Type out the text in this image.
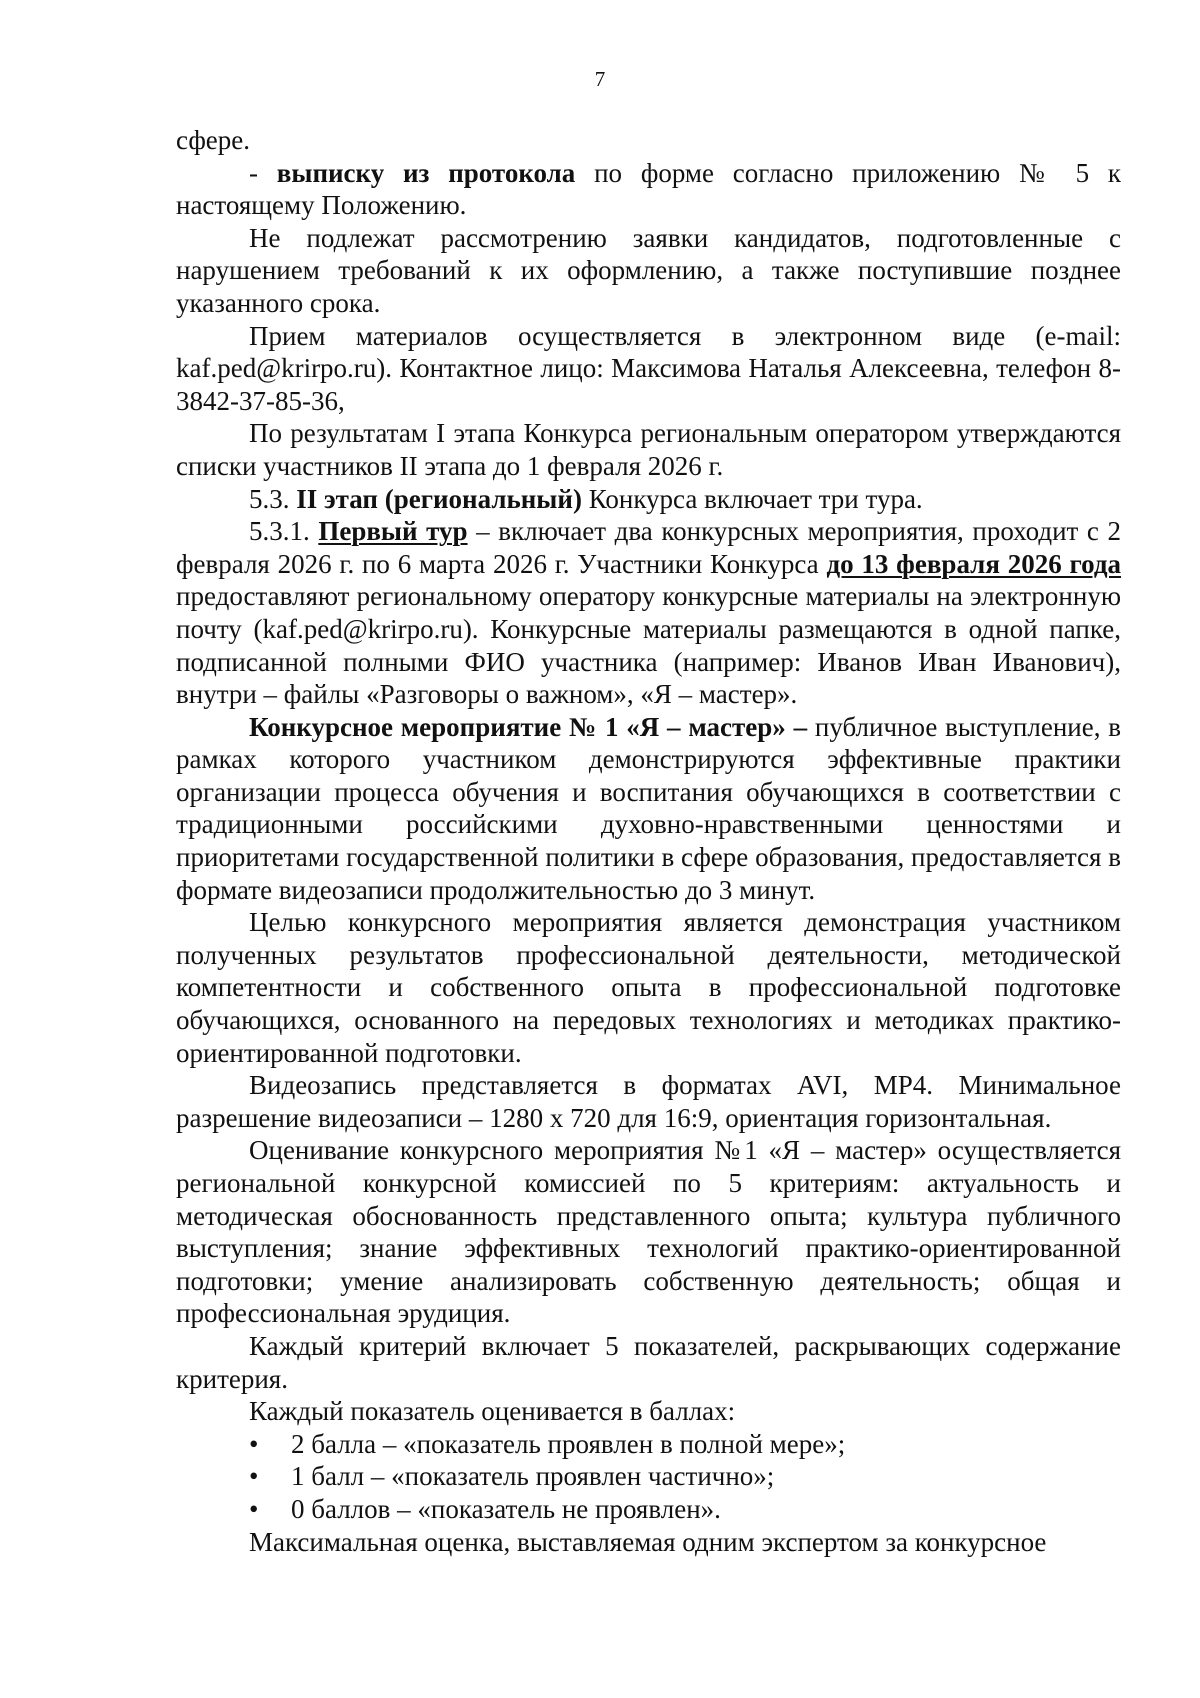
7

сфере.

- выписку из протокола по форме согласно приложению № 5 к настоящему Положению.

Не подлежат рассмотрению заявки кандидатов, подготовленные с нарушением требований к их оформлению, а также поступившие позднее указанного срока.

Прием материалов осуществляется в электронном виде (e-mail: kaf.ped@krirpo.ru). Контактное лицо: Максимова Наталья Алексеевна, телефон 8-3842-37-85-36,

По результатам I этапа Конкурса региональным оператором утверждаются списки участников II этапа до 1 февраля 2026 г.

5.3. II этап (региональный) Конкурса включает три тура.

5.3.1. Первый тур – включает два конкурсных мероприятия, проходит с 2 февраля 2026 г. по 6 марта 2026 г. Участники Конкурса до 13 февраля 2026 года предоставляют региональному оператору конкурсные материалы на электронную почту (kaf.ped@krirpo.ru). Конкурсные материалы размещаются в одной папке, подписанной полными ФИО участника (например: Иванов Иван Иванович), внутри – файлы «Разговоры о важном», «Я – мастер».

Конкурсное мероприятие № 1 «Я – мастер» – публичное выступление, в рамках которого участником демонстрируются эффективные практики организации процесса обучения и воспитания обучающихся в соответствии с традиционными российскими духовно-нравственными ценностями и приоритетами государственной политики в сфере образования, предоставляется в формате видеозаписи продолжительностью до 3 минут.

Целью конкурсного мероприятия является демонстрация участником полученных результатов профессиональной деятельности, методической компетентности и собственного опыта в профессиональной подготовке обучающихся, основанного на передовых технологиях и методиках практико-ориентированной подготовки.

Видеозапись представляется в форматах AVI, MP4. Минимальное разрешение видеозаписи – 1280 x 720 для 16:9, ориентация горизонтальная.

Оценивание конкурсного мероприятия №1 «Я – мастер» осуществляется региональной конкурсной комиссией по 5 критериям: актуальность и методическая обоснованность представленного опыта; культура публичного выступления; знание эффективных технологий практико-ориентированной подготовки; умение анализировать собственную деятельность; общая и профессиональная эрудиция.

Каждый критерий включает 5 показателей, раскрывающих содержание критерия.

Каждый показатель оценивается в баллах:

• 2 балла – «показатель проявлен в полной мере»;

• 1 балл – «показатель проявлен частично»;

• 0 баллов – «показатель не проявлен».

Максимальная оценка, выставляемая одним экспертом за конкурсное
